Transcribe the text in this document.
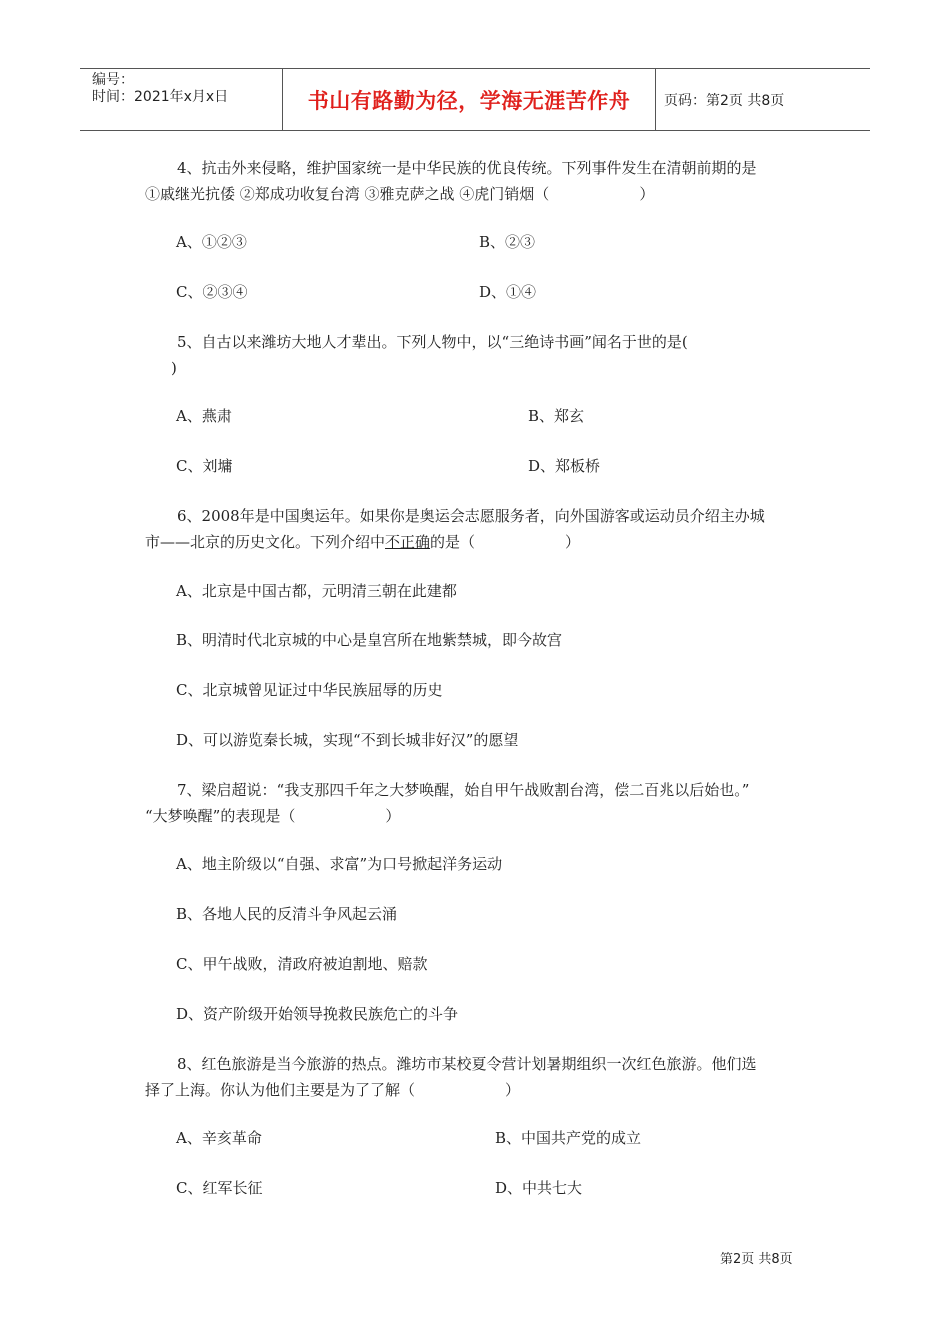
编号：
时间：2021年x月x日	书山有路勤为径，学海无涯苦作舟	页码：第2页 共8页
4、抗击外来侵略，维护国家统一是中华民族的优良传统。下列事件发生在清朝前期的是
①戚继光抗倭 ②郑成功收复台湾 ③雅克萨之战 ④虎门销烟（	）
A、①②③	B、②③
C、②③④	D、①④
5、自古以来潍坊大地人才辈出。下列人物中，以“三绝诗书画”闻名于世的是(
)
A、燕肃	B、郑玄
C、刘墉	D、郑板桥
6、2008年是中国奥运年。如果你是奥运会志愿服务者，向外国游客或运动员介绍主办城
市——北京的历史文化。下列介绍中不正确的是（	）
A、北京是中国古都，元明清三朝在此建都
B、明清时代北京城的中心是皇宫所在地紫禁城，即今故宫
C、北京城曾见证过中华民族屈辱的历史
D、可以游览秦长城，实现“不到长城非好汉”的愿望
7、梁启超说：“我支那四千年之大梦唤醒，始自甲午战败割台湾，偿二百兆以后始也。”
“大梦唤醒”的表现是（	）
A、地主阶级以“自强、求富”为口号掀起洋务运动
B、各地人民的反清斗争风起云涌
C、甲午战败，清政府被迫割地、赔款
D、资产阶级开始领导挽救民族危亡的斗争
8、红色旅游是当今旅游的热点。潍坊市某校夏令营计划暑期组织一次红色旅游。他们选
择了上海。你认为他们主要是为了了解（	）
A、辛亥革命	B、中国共产党的成立
C、红军长征	D、中共七大
第2页 共8页
